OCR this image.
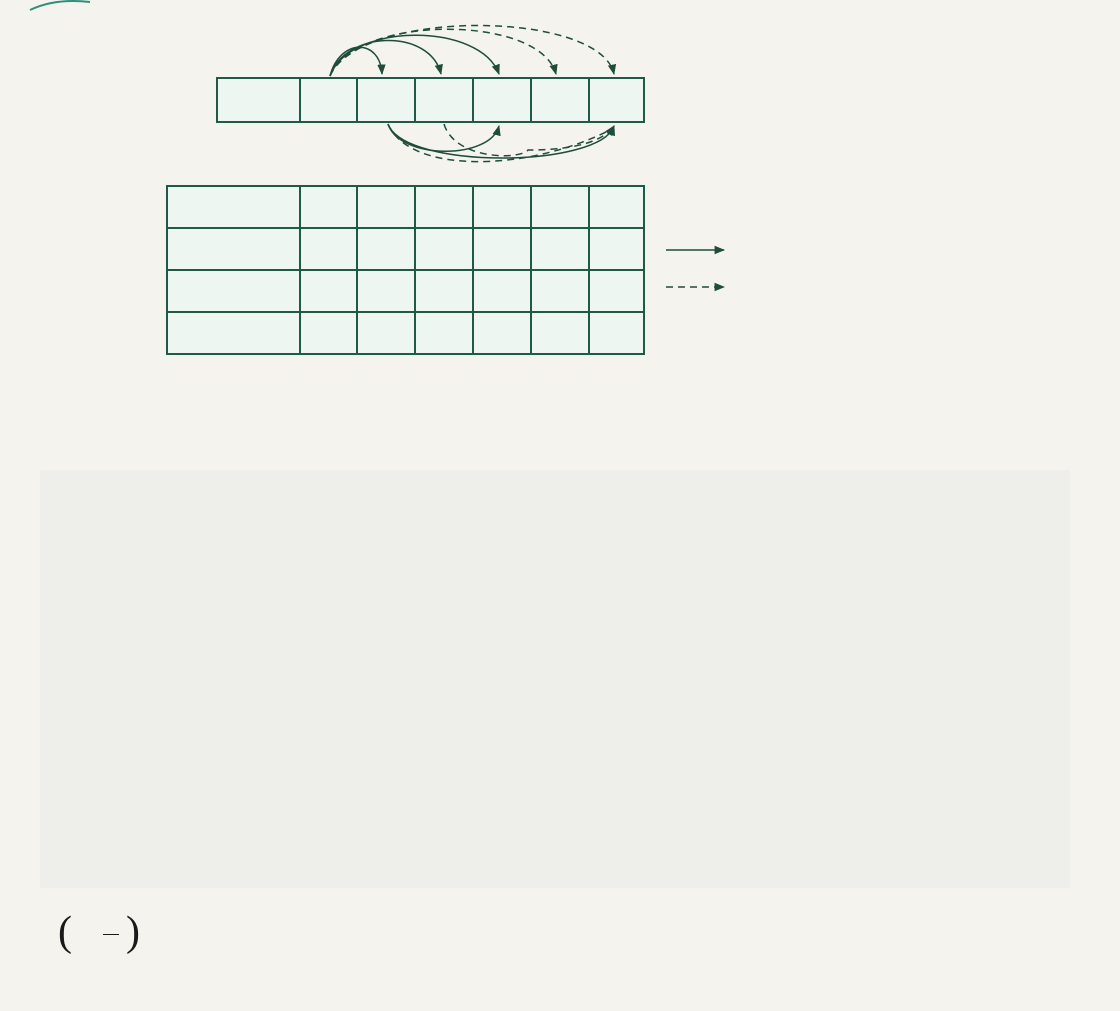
( )
